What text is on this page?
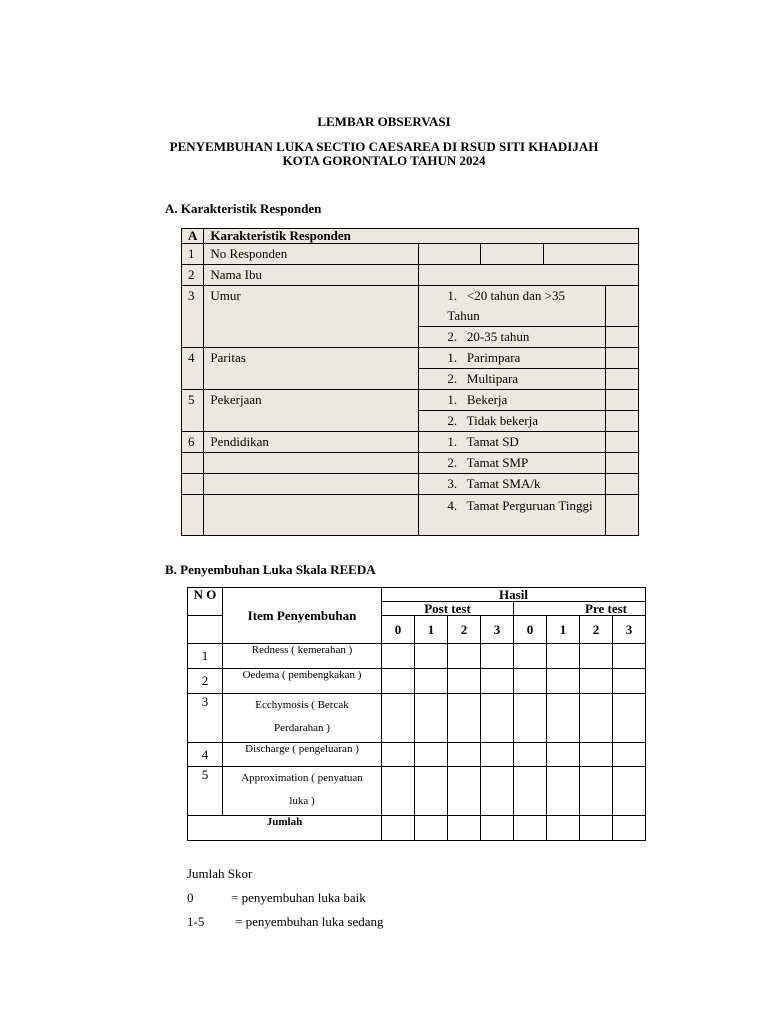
LEMBAR OBSERVASI
PENYEMBUHAN LUKA SECTIO CAESAREA DI RSUD SITI KHADIJAH
KOTA GORONTALO TAHUN 2024
A. Karakteristik Responden
A	Karakteristik Responden				
1	No Responden				
2	Nama Ibu				
3	Umur	1.   <20 tahun dan >35 Tahun			
		2.   20-35 tahun			
4	Paritas	1.   Parimpara			
		2.   Multipara			
5	Pekerjaan	1.   Bekerja			
		2.   Tidak bekerja			
6	Pendidikan	1.   Tamat SD			
		2.   Tamat SMP			
		3.   Tamat SMA/k			
		4.   Tamat Perguruan Tinggi			
B. Penyembuhan Luka Skala REEDA
N O	Item Penyembuhan	Hasil							
		Post test				Pre test			
		0	1	2	3	0	1	2	3
1	Redness ( kemerahan )								
2	Oedema ( pembengkakan )								
3	Ecchymosis ( Bercak Perdarahan )								
4	Discharge ( pengeluaran )								
5	Approximation ( penyatuan luka )								
Jumlah									
Jumlah Skor
0	= penyembuhan luka baik
1-5 = penyembuhan luka sedang
